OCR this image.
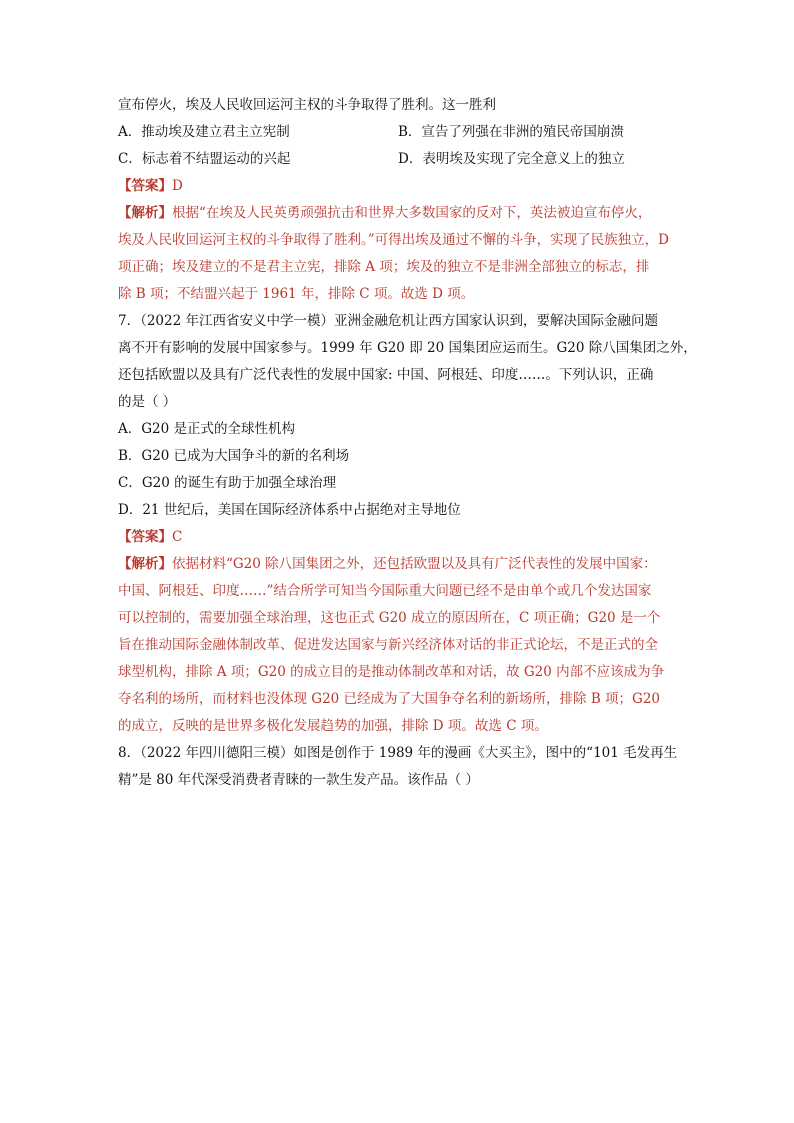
宣布停火，埃及人民收回运河主权的斗争取得了胜利。这一胜利
A．推动埃及建立君主立宪制	B．宣告了列强在非洲的殖民帝国崩溃
C．标志着不结盟运动的兴起	D．表明埃及实现了完全意义上的独立
【答案】D
【解析】根据“在埃及人民英勇顽强抗击和世界大多数国家的反对下，英法被迫宣布停火，
埃及人民收回运河主权的斗争取得了胜利。”可得出埃及通过不懈的斗争，实现了民族独立，D
项正确；埃及建立的不是君主立宪，排除 A 项；埃及的独立不是非洲全部独立的标志，排
除 B 项；不结盟兴起于 1961 年，排除 C 项。故选 D 项。
7．（2022 年江西省安义中学一模）亚洲金融危机让西方国家认识到，要解决国际金融问题
离不开有影响的发展中国家参与。1999 年 G20 即 20 国集团应运而生。G20 除八国集团之外，
还包括欧盟以及具有广泛代表性的发展中国家: 中国、阿根廷、印度……。下列认识，正确
的是（ ）
A．G20 是正式的全球性机构
B．G20 已成为大国争斗的新的名利场
C．G20 的诞生有助于加强全球治理
D．21 世纪后，美国在国际经济体系中占据绝对主导地位
【答案】C
【解析】依据材料“G20 除八国集团之外，还包括欧盟以及具有广泛代表性的发展中国家：
中国、阿根廷、印度……”结合所学可知当今国际重大问题已经不是由单个或几个发达国家
可以控制的，需要加强全球治理，这也正式 G20 成立的原因所在，C 项正确；G20 是一个
旨在推动国际金融体制改革、促进发达国家与新兴经济体对话的非正式论坛，不是正式的全
球型机构，排除 A 项；G20 的成立目的是推动体制改革和对话，故 G20 内部不应该成为争
夺名利的场所，而材料也没体现 G20 已经成为了大国争夺名利的新场所，排除 B 项；G20
的成立，反映的是世界多极化发展趋势的加强，排除 D 项。故选 C 项。
8．（2022 年四川德阳三模）如图是创作于 1989 年的漫画《大买主》，图中的“101 毛发再生
精”是 80 年代深受消费者青睐的一款生发产品。该作品（ ）
